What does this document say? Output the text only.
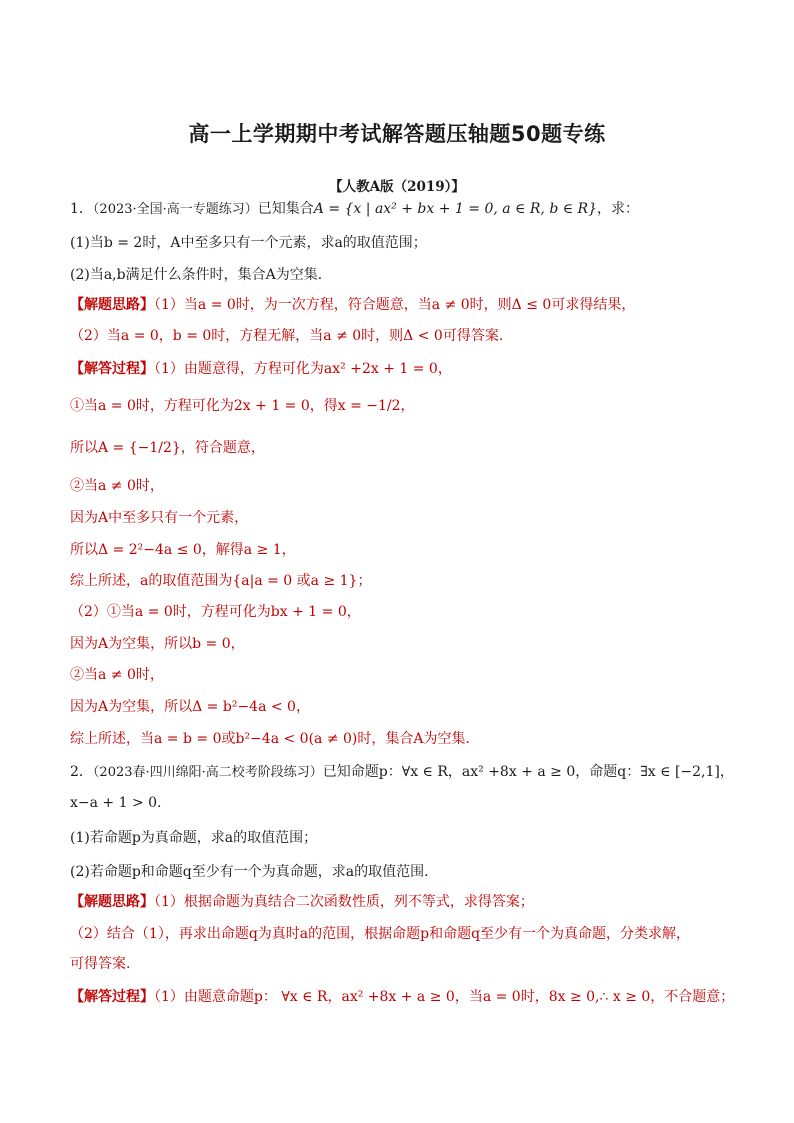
高一上学期期中考试解答题压轴题50题专练
【人教A版（2019）】
1．（2023·全国·高一专题练习）已知集合A = {x | ax² + bx + 1 = 0, a ∈ R, b ∈ R}，求：
(1)当b = 2时，A中至多只有一个元素，求a的取值范围；
(2)当a,b满足什么条件时，集合A为空集．
【解题思路】（1）当a = 0时，为一次方程，符合题意，当a ≠ 0时，则Δ ≤ 0可求得结果，
（2）当a = 0，b = 0时，方程无解，当a ≠ 0时，则Δ < 0可得答案.
【解答过程】（1）由题意得，方程可化为ax² +2x + 1 = 0，
①当a = 0时，方程可化为2x + 1 = 0，得x = −1/2，
所以A = {−1/2}，符合题意，
②当a ≠ 0时，
因为A中至多只有一个元素，
所以Δ = 2²−4a ≤ 0，解得a ≥ 1，
综上所述，a的取值范围为{a|a = 0 或a ≥ 1}；
（2）①当a = 0时，方程可化为bx + 1 = 0，
因为A为空集，所以b = 0，
②当a ≠ 0时，
因为A为空集，所以Δ = b²−4a < 0，
综上所述，当a = b = 0或b²−4a < 0(a ≠ 0)时，集合A为空集．
2．（2023春·四川绵阳·高二校考阶段练习）已知命题p：∀x ∈ R，ax² +8x + a ≥ 0，命题q：∃x ∈ [−2,1]，
x−a + 1 > 0.
(1)若命题p为真命题，求a的取值范围；
(2)若命题p和命题q至少有一个为真命题，求a的取值范围．
【解题思路】（1）根据命题为真结合二次函数性质，列不等式，求得答案；
（2）结合（1），再求出命题q为真时a的范围，根据命题p和命题q至少有一个为真命题，分类求解，
可得答案.
【解答过程】（1）由题意命题p： ∀x ∈ R，ax² +8x + a ≥ 0，当a = 0时，8x ≥ 0,∴ x ≥ 0，不合题意；
